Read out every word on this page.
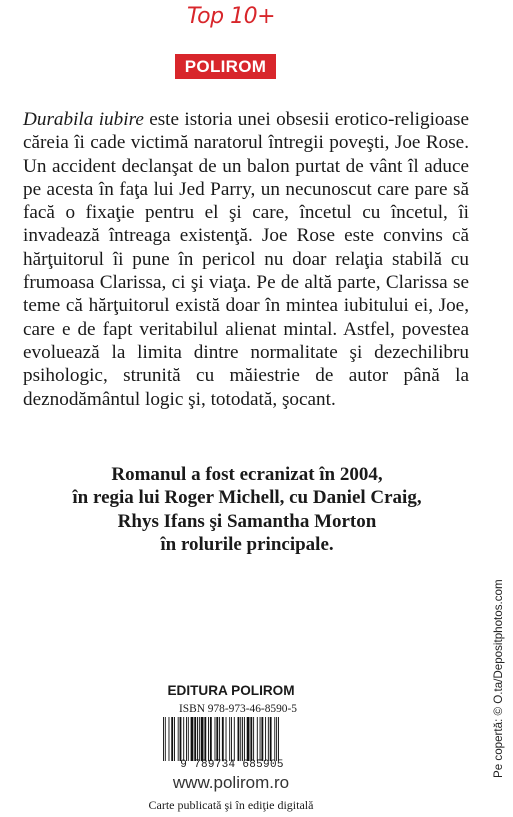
Top 10+
POLIROM

Durabila iubire este istoria unei obsesii erotico-religioase căreia îi cade victimă naratorul întregii poveşti, Joe Rose. Un accident declanşat de un balon purtat de vânt îl aduce pe acesta în faţa lui Jed Parry, un necunoscut care pare să facă o fixaţie pentru el şi care, încetul cu încetul, îi invadează întreaga existenţă. Joe Rose este convins că hărţuitorul îi pune în pericol nu doar relaţia stabilă cu frumoasa Clarissa, ci şi viaţa. Pe de altă parte, Clarissa se teme că hărţuitorul există doar în mintea iubitului ei, Joe, care e de fapt veritabilul alienat mintal. Astfel, povestea evoluează la limita dintre normalitate şi dezechilibru psihologic, strunită cu măiestrie de autor până la deznodământul logic şi, totodată, şocant.

Romanul a fost ecranizat în 2004,
în regia lui Roger Michell, cu Daniel Craig,
Rhys Ifans şi Samantha Morton
în rolurile principale.
Pe copertă: © O.ta/Depositphotos.com
EDITURA POLIROM
ISBN 978-973-46-8590-5
9 789734 685905
www.polirom.ro
Carte publicată şi în ediţie digitală
